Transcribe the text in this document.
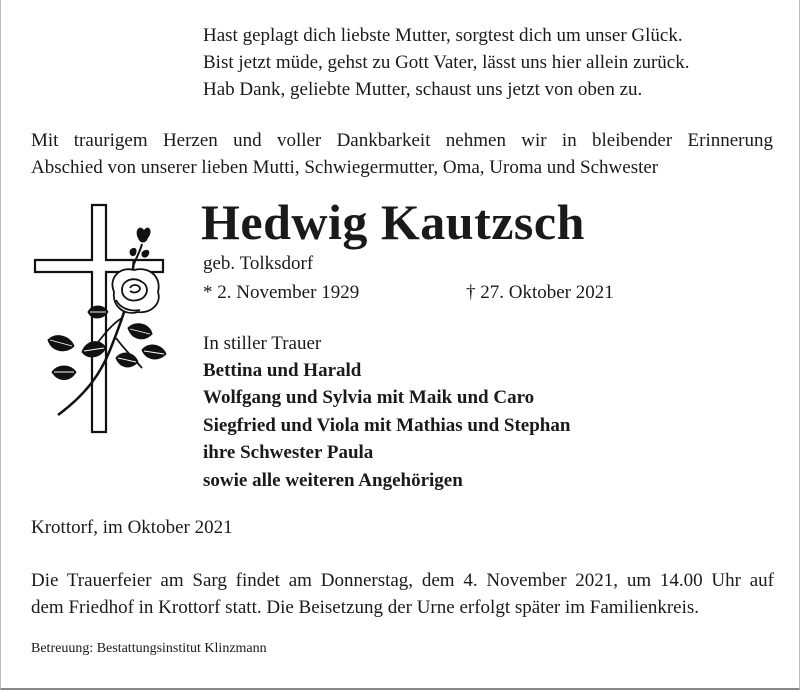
Hast geplagt dich liebste Mutter, sorgtest dich um unser Glück.
Bist jetzt müde, gehst zu Gott Vater, lässt uns hier allein zurück.
Hab Dank, geliebte Mutter, schaust uns jetzt von oben zu.
Mit traurigem Herzen und voller Dankbarkeit nehmen wir in bleibender Erinnerung
Abschied von unserer lieben Mutti, Schwiegermutter, Oma, Uroma und Schwester
Hedwig Kautzsch
geb. Tolksdorf
* 2. November 1929	† 27. Oktober 2021
In stiller Trauer
Bettina und Harald
Wolfgang und Sylvia mit Maik und Caro
Siegfried und Viola mit Mathias und Stephan
ihre Schwester Paula
sowie alle weiteren Angehörigen
Krottorf, im Oktober 2021
Die Trauerfeier am Sarg findet am Donnerstag, dem 4. November 2021, um 14.00 Uhr auf
dem Friedhof in Krottorf statt. Die Beisetzung der Urne erfolgt später im Familienkreis.
Betreuung: Bestattungsinstitut Klinzmann
